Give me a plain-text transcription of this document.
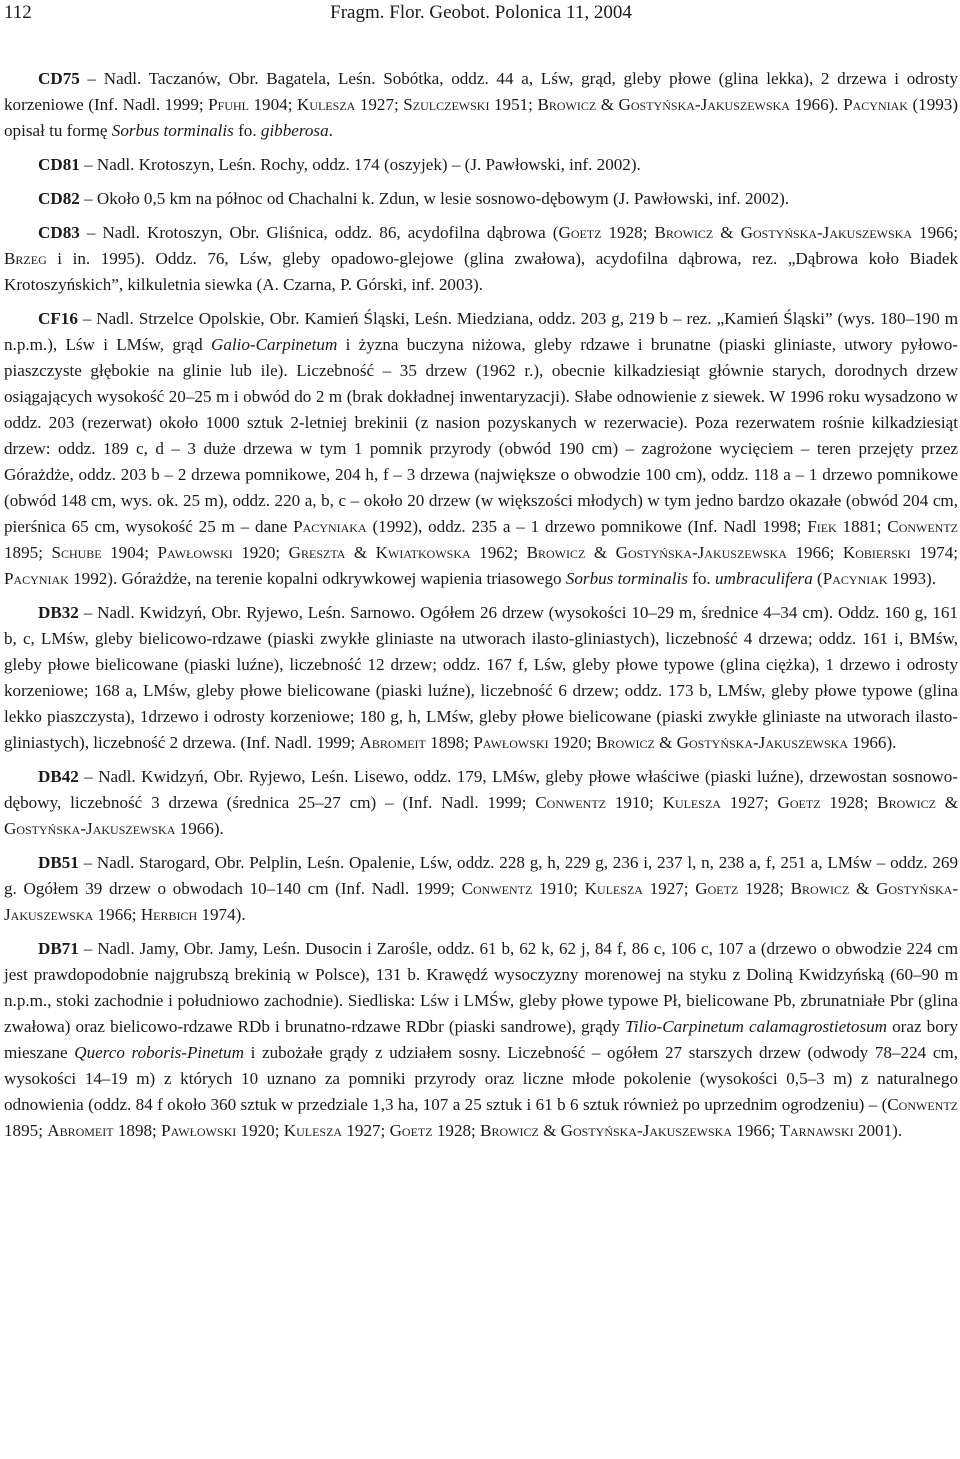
112	Fragm. Flor. Geobot. Polonica 11, 2004

CD75 – Nadl. Taczanów, Obr. Bagatela, Leśn. Sobótka, oddz. 44 a, Lśw, grąd, gleby płowe (glina lekka), 2 drzewa i odrosty korzeniowe (Inf. Nadl. 1999; Pfuhl 1904; Kulesza 1927; Szulczewski 1951; Browicz & Gostyńska-Jakuszewska 1966). Pacyniak (1993) opisał tu formę Sorbus torminalis fo. gibberosa.

CD81 – Nadl. Krotoszyn, Leśn. Rochy, oddz. 174 (oszyjek) – (J. Pawłowski, inf. 2002).

CD82 – Około 0,5 km na północ od Chachalni k. Zdun, w lesie sosnowo-dębowym (J. Pawłowski, inf. 2002).

CD83 – Nadl. Krotoszyn, Obr. Gliśnica, oddz. 86, acydofilna dąbrowa (Goetz 1928; Browicz & Gostyńska-Jakuszewska 1966; Brzeg i in. 1995). Oddz. 76, Lśw, gleby opadowo-glejowe (glina zwałowa), acydofilna dąbrowa, rez. „Dąbrowa koło Biadek Krotoszyńskich”, kilkuletnia siewka (A. Czarna, P. Górski, inf. 2003).

CF16 – Nadl. Strzelce Opolskie, Obr. Kamień Śląski, Leśn. Miedziana, oddz. 203 g, 219 b – rez. „Kamień Śląski” (wys. 180–190 m n.p.m.), Lśw i LMśw, grąd Galio-Carpinetum i żyzna buczyna niżowa, gleby rdzawe i brunatne (piaski gliniaste, utwory pyłowo-piaszczyste głębokie na glinie lub ile). Liczebność – 35 drzew (1962 r.), obecnie kilkadziesiąt głównie starych, dorodnych drzew osiągających wysokość 20–25 m i obwód do 2 m (brak dokładnej inwentaryzacji). Słabe odnowienie z siewek. W 1996 roku wysadzono w oddz. 203 (rezerwat) około 1000 sztuk 2-letniej brekinii (z nasion pozyskanych w rezerwacie). Poza rezerwatem rośnie kilkadziesiąt drzew: oddz. 189 c, d – 3 duże drzewa w tym 1 pomnik przyrody (obwód 190 cm) – zagrożone wycięciem – teren przejęty przez Górażdże, oddz. 203 b – 2 drzewa pomnikowe, 204 h, f – 3 drzewa (największe o obwodzie 100 cm), oddz. 118 a – 1 drzewo pomnikowe (obwód 148 cm, wys. ok. 25 m), oddz. 220 a, b, c – około 20 drzew (w większości młodych) w tym jedno bardzo okazałe (obwód 204 cm, pierśnica 65 cm, wysokość 25 m – dane Pacyniaka (1992), oddz. 235 a – 1 drzewo pomnikowe (Inf. Nadl 1998; Fiek 1881; Conwentz 1895; Schube 1904; Pawłowski 1920; Greszta & Kwiatkowska 1962; Browicz & Gostyńska-Jakuszewska 1966; Kobierski 1974; Pacyniak 1992). Górażdże, na terenie kopalni odkrywkowej wapienia triasowego Sorbus torminalis fo. umbraculifera (Pacyniak 1993).

DB32 – Nadl. Kwidzyń, Obr. Ryjewo, Leśn. Sarnowo. Ogółem 26 drzew (wysokości 10–29 m, średnice 4–34 cm). Oddz. 160 g, 161 b, c, LMśw, gleby bielicowo-rdzawe (piaski zwykłe gliniaste na utworach ilasto-gliniastych), liczebność 4 drzewa; oddz. 161 i, BMśw, gleby płowe bielicowane (piaski luźne), liczebność 12 drzew; oddz. 167 f, Lśw, gleby płowe typowe (glina ciężka), 1 drzewo i odrosty korzeniowe; 168 a, LMśw, gleby płowe bielicowane (piaski luźne), liczebność 6 drzew; oddz. 173 b, LMśw, gleby płowe typowe (glina lekko piaszczysta), 1drzewo i odrosty korzeniowe; 180 g, h, LMśw, gleby płowe bielicowane (piaski zwykłe gliniaste na utworach ilasto-gliniastych), liczebność 2 drzewa. (Inf. Nadl. 1999; Abromeit 1898; Pawłowski 1920; Browicz & Gostyńska-Jakuszewska 1966).

DB42 – Nadl. Kwidzyń, Obr. Ryjewo, Leśn. Lisewo, oddz. 179, LMśw, gleby płowe właściwe (piaski luźne), drzewostan sosnowo-dębowy, liczebność 3 drzewa (średnica 25–27 cm) – (Inf. Nadl. 1999; Conwentz 1910; Kulesza 1927; Goetz 1928; Browicz & Gostyńska-Jakuszewska 1966).

DB51 – Nadl. Starogard, Obr. Pelplin, Leśn. Opalenie, Lśw, oddz. 228 g, h, 229 g, 236 i, 237 l, n, 238 a, f, 251 a, LMśw – oddz. 269 g. Ogółem 39 drzew o obwodach 10–140 cm (Inf. Nadl. 1999; Conwentz 1910; Kulesza 1927; Goetz 1928; Browicz & Gostyńska-Jakuszewska 1966; Herbich 1974).

DB71 – Nadl. Jamy, Obr. Jamy, Leśn. Dusocin i Zarośle, oddz. 61 b, 62 k, 62 j, 84 f, 86 c, 106 c, 107 a (drzewo o obwodzie 224 cm jest prawdopodobnie najgrubszą brekinią w Polsce), 131 b. Krawędź wysoczyzny morenowej na styku z Doliną Kwidzyńską (60–90 m n.p.m., stoki zachodnie i południowo zachodnie). Siedliska: Lśw i LMŚw, gleby płowe typowe Pł, bielicowane Pb, zbrunatniałe Pbr (glina zwałowa) oraz bielicowo-rdzawe RDb i brunatno-rdzawe RDbr (piaski sandrowe), grądy Tilio-Carpinetum calamagrostietosum oraz bory mieszane Querco roboris-Pinetum i zubożałe grądy z udziałem sosny. Liczebność – ogółem 27 starszych drzew (odwody 78–224 cm, wysokości 14–19 m) z których 10 uznano za pomniki przyrody oraz liczne młode pokolenie (wysokości 0,5–3 m) z naturalnego odnowienia (oddz. 84 f około 360 sztuk w przedziale 1,3 ha, 107 a 25 sztuk i 61 b 6 sztuk również po uprzednim ogrodzeniu) – (Conwentz 1895; Abromeit 1898; Pawłowski 1920; Kulesza 1927; Goetz 1928; Browicz & Gostyńska-Jakuszewska 1966; Tarnawski 2001).
